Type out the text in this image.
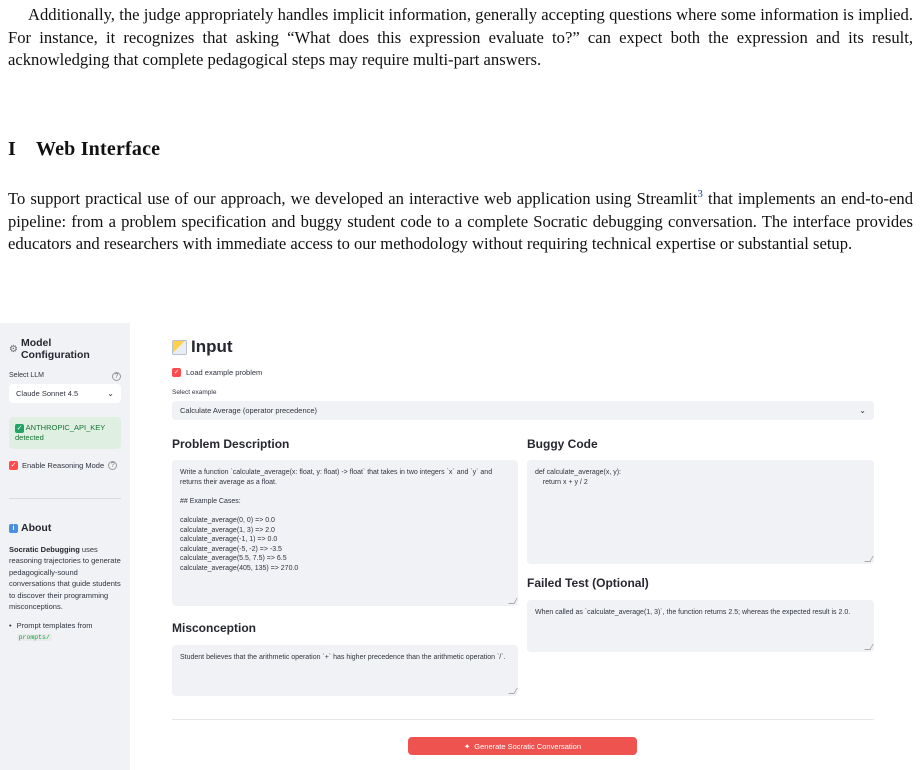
Additionally, the judge appropriately handles implicit information, generally accepting questions where some information is implied. For instance, it recognizes that asking “What does this expression evaluate to?” can expect both the expression and its result, acknowledging that complete pedagogical steps may require multi-part answers.

I Web Interface

To support practical use of our approach, we developed an interactive web application using Streamlit$^3$ that implements an end-to-end pipeline: from a problem specification and buggy student code to a complete Socratic debugging conversation. The interface provides educators and researchers with immediate access to our methodology without requiring technical expertise or substantial setup.

⚙ Model Configuration
Select LLM	?
Claude Sonnet 4.5	⌄
✓ ANTHROPIC_API_KEY detected
✓ Enable Reasoning Mode ?
i About
Socratic Debugging uses reasoning trajectories to generate pedagogically-sound conversations that guide students to discover their programming misconceptions.
• Prompt templates from
prompts/
Input
✓ Load example problem
Select example
Calculate Average (operator precedence)	⌄
Problem Description
Write a function `calculate_average(x: float, y: float) -> float` that takes in two integers `x` and `y` and returns their average as a float.

## Example Cases:

calculate_average(0, 0) => 0.0
calculate_average(1, 3) => 2.0
calculate_average(-1, 1) => 0.0
calculate_average(-5, -2) => -3.5
calculate_average(5.5, 7.5) => 6.5
calculate_average(405, 135) => 270.0
Buggy Code
def calculate_average(x, y):
return x + y / 2
Failed Test (Optional)
When called as `calculate_average(1, 3)`, the function returns 2.5; whereas the expected result is 2.0.
Misconception
Student believes that the arithmetic operation `+` has higher precedence than the arithmetic operation `/`.
✦ Generate Socratic Conversation
